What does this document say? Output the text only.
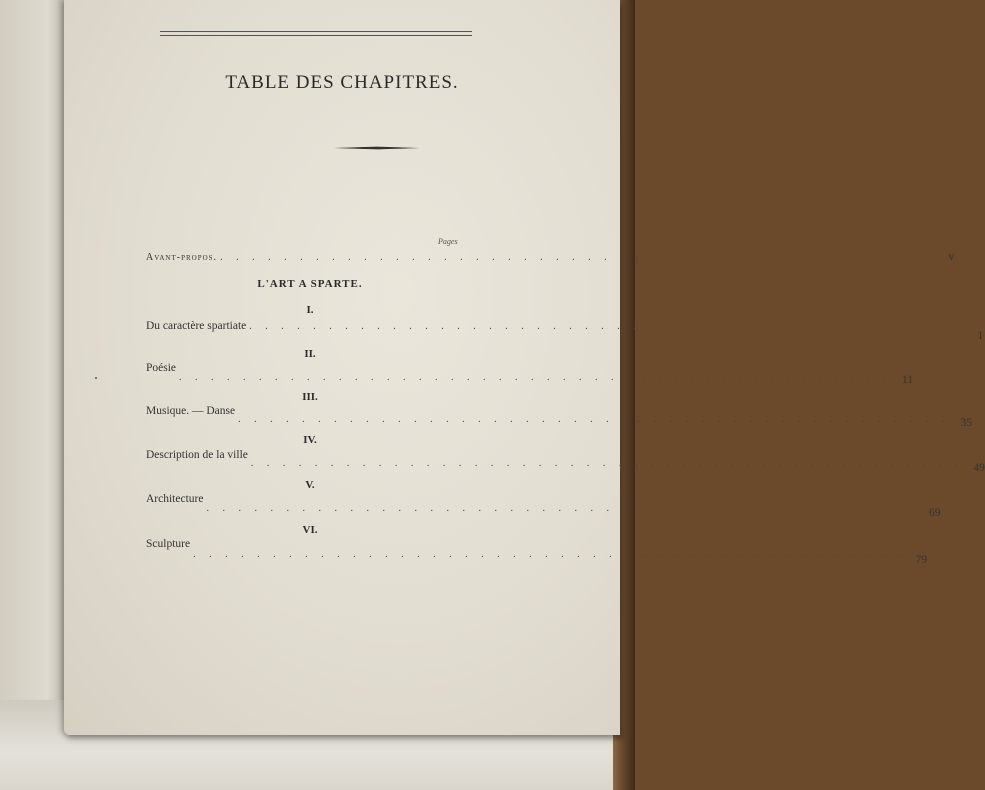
TABLE DES CHAPITRES.
Pages
Avant-propos. . . . . . . . . . . . . . . . . . . . . . . . . . . . . . . . . . . . . . . . . . . . . .	v
L'ART A SPARTE.
I.
Du caractère spartiate . . . . . . . . . . . . . . . . . . . . . . . . . . . . . . . . . . . . . . . . . . . . .
1
II.
Poésie
. . . . . . . . . . . . . . . . . . . . . . . . . . . . . . . . . . . . . . . . . . . . . 11
III.
Musique. — Danse
. . . . . . . . . . . . . . . . . . . . . . . . . . . . . . . . . . . . . . . . . . . . . 35
IV.
Description de la ville
. . . . . . . . . . . . . . . . . . . . . . . . . . . . . . . . . . . . . . . . . . . . . 49
V.
Architecture
. . . . . . . . . . . . . . . . . . . . . . . . . . . . . . . . . . . . . . . . . . . . . 69
VI.
Sculpture
. . . . . . . . . . . . . . . . . . . . . . . . . . . . . . . . . . . . . . . . . . . . . 79
